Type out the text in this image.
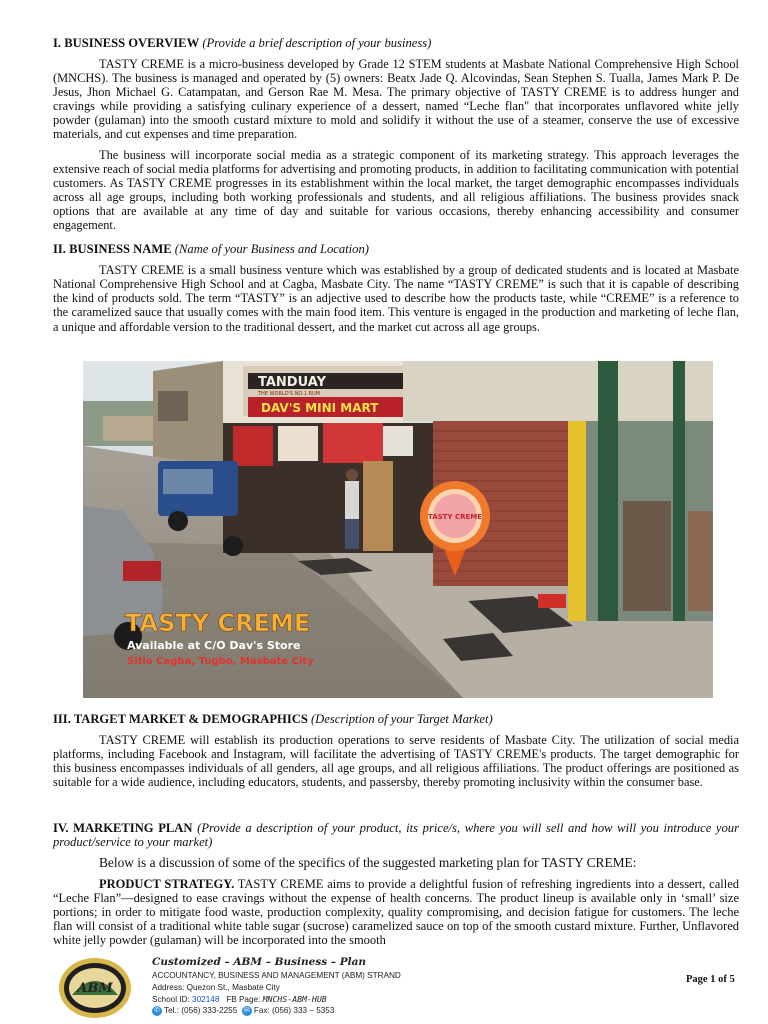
I. BUSINESS OVERVIEW (Provide a brief description of your business)

TASTY CREME is a micro-business developed by Grade 12 STEM students at Masbate National Comprehensive High School (MNCHS). The business is managed and operated by (5) owners: Beatx Jade Q. Alcovindas, Sean Stephen S. Tualla, James Mark P. De Jesus, Jhon Michael G. Catampatan, and Gerson Rae M. Mesa. The primary objective of TASTY CREME is to address hunger and cravings while providing a satisfying culinary experience of a dessert, named “Leche flan" that incorporates unflavored white jelly powder (gulaman) into the smooth custard mixture to mold and solidify it without the use of a steamer, conserve the use of excessive materials, and cut expenses and time preparation.

The business will incorporate social media as a strategic component of its marketing strategy. This approach leverages the extensive reach of social media platforms for advertising and promoting products, in addition to facilitating communication with potential customers. As TASTY CREME progresses in its establishment within the local market, the target demographic encompasses individuals across all age groups, including both working professionals and students, and all religious affiliations. The business provides snack options that are available at any time of day and suitable for various occasions, thereby enhancing accessibility and consumer engagement.

II. BUSINESS NAME (Name of your Business and Location)

TASTY CREME is a small business venture which was established by a group of dedicated students and is located at Masbate National Comprehensive High School and at Cagba, Masbate City. The name “TASTY CREME” is such that it is capable of describing the kind of products sold. The term “TASTY” is an adjective used to describe how the products taste, while “CREME” is a reference to the caramelized sauce that usually comes with the main food item. This venture is engaged in the production and marketing of leche flan, a unique and affordable version to the traditional dessert, and the market cut across all age groups.

TANDUAY
THE WORLD'S NO.1 RUM
DAV'S MINI MART
TASTY CREME
TASTY CREME
Available at C/O Dav's Store
Sitio Cagba, Tugbo, Masbate City

III. TARGET MARKET & DEMOGRAPHICS (Description of your Target Market)

TASTY CREME will establish its production operations to serve residents of Masbate City. The utilization of social media platforms, including Facebook and Instagram, will facilitate the advertising of TASTY CREME's products. The target demographic for this business encompasses individuals of all genders, all age groups, and all religious affiliations. The product offerings are positioned as suitable for a wide audience, including educators, students, and passersby, thereby promoting inclusivity within the consumer base.

IV. MARKETING PLAN (Provide a description of your product, its price/s, where you will sell and how will you introduce your product/service to your market)

Below is a discussion of some of the specifics of the suggested marketing plan for TASTY CREME:

PRODUCT STRATEGY. TASTY CREME aims to provide a delightful fusion of refreshing ingredients into a dessert, called “Leche Flan”—designed to ease cravings without the expense of health concerns. The product lineup is available only in ‘small’ size portions; in order to mitigate food waste, production complexity, quality compromising, and decision fatigue for customers. The leche flan will consist of a traditional white table sugar (sucrose) caramelized sauce on top of the smooth custard mixture. Further, Unflavored white jelly powder (gulaman) will be incorporated into the smooth

ABM
Customized – ABM – Business – Plan
ACCOUNTANCY, BUSINESS AND MANAGEMENT (ABM) STRAND
Address: Quezon St., Masbate City
School ID: 302148 FB Page: MNCHS-ABM-HUB
✆ Tel.: (056) 333-2255 ✉ Fax: (056) 333 – 5353
Page 1 of 5
